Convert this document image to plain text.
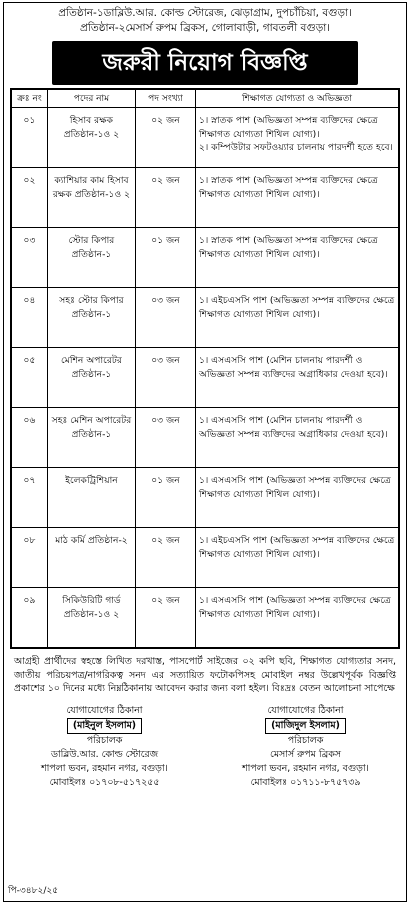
প্রতিষ্ঠান-১ডাব্লিউ.আর. কোল্ড স্টোরেজ, ঝেড়াগ্রাম, দুপচাঁচিয়া, বগুড়া।
প্রতিষ্ঠান-২মেসার্স রুপম ব্রিকস, গোলাবাড়ী, গাবতলী বগুড়া।
জরুরী নিয়োগ বিজ্ঞপ্তি
ক্রঃ নং	পদের নাম	পদ সংখ্যা	শিক্ষাগত যোগ্যতা ও অভিজ্ঞতা
০১	হিসাব রক্ষক প্রতিষ্ঠান-১ও ২	০২ জন	১। স্নাতক পাশ (অভিজ্ঞতা সম্পন্ন ব্যক্তিদের ক্ষেত্রে শিক্ষাগত যোগ্যতা শিথিল যোগ্য)।

২। কম্পিউটার সফটওয়্যার চালনায় পারদর্শী হতে হবে।

০২	ক্যাশিয়ার কাম হিসাব রক্ষক প্রতিষ্ঠান-১ও ২	০২ জন	১। স্নাতক পাশ (অভিজ্ঞতা সম্পন্ন ব্যক্তিদের ক্ষেত্রে শিক্ষাগত যোগ্যতা শিথিল যোগ্য)।

০৩	স্টোর কিপার প্রতিষ্ঠান-১	০১ জন	১। স্নাতক পাশ (অভিজ্ঞতা সম্পন্ন ব্যক্তিদের ক্ষেত্রে শিক্ষাগত যোগ্যতা শিথিল যোগ্য)।

০৪	সহঃ স্টোর কিপার প্রতিষ্ঠান-১	০৩ জন	১। এইচএসসি পাশ (অভিজ্ঞতা সম্পন্ন ব্যক্তিদের ক্ষেত্রে শিক্ষাগত যোগ্যতা শিথিল যোগ্য)।

০৫	মেশিন অপারেটর প্রতিষ্ঠান-১	০৩ জন	১। এসএসসি পাশ (মেশিন চালনায় পারদর্শী ও অভিজ্ঞতা সম্পন্ন ব্যক্তিদের অগ্রাধিকার দেওয়া হবে)।

০৬	সহঃ মেশিন অপারেটর প্রতিষ্ঠান-১	০৩ জন	১। এসএসসি পাশ (মেশিন চালনায় পারদর্শী ও অভিজ্ঞতা সম্পন্ন ব্যক্তিদের অগ্রাধিকার দেওয়া হবে)।

০৭	ইলেকট্রিশিয়ান	০১ জন	১। এসএসসি পাশ (অভিজ্ঞতা সম্পন্ন ব্যক্তিদের ক্ষেত্রে শিক্ষাগত যোগ্যতা শিথিল যোগ্য)।

০৮	মাঠ কর্মি প্রতিষ্ঠান-২	০২ জন	১। এইচএসসি পাশ (অভিজ্ঞতা সম্পন্ন ব্যক্তিদের ক্ষেত্রে শিক্ষাগত যোগ্যতা শিথিল যোগ্য)।

০৯	সিকিউরিটি গার্ড প্রতিষ্ঠান-১ও ২	০২ জন	১। এসএসসি পাশ (অভিজ্ঞতা সম্পন্ন ব্যক্তিদের ক্ষেত্রে শিক্ষাগত যোগ্যতা শিথিল যোগ্য)।

আগ্রহী প্রার্থীদের স্বহস্তে লিখিত দরখাস্ত, পাসপোর্ট সাইজের ০২ কপি ছবি, শিক্ষাগত যোগ্যতার সনদ, জাতীয় পরিচয়পত্র/নাগরিকত্ব সনদ এর সত্যায়িত ফটোকপিসহ মোবাইল নম্বর উল্লেখপূর্বক বিজ্ঞপ্তি প্রকাশের ১০ দিনের মধ্যে নিম্নঠিকানায় আবেদন করার জন্য বলা হইল। বিঃদ্রঃ বেতন আলোচনা সাপেক্ষে
যোগাযোগের ঠিকানা
(মাইনুল ইসলাম)
পরিচালক
ডাব্লিউ.আর. কোল্ড স্টোরেজ
শাপলা ভবন, রহমান নগর, বগুড়া।
মোবাইলঃ ০১৭০৮-৫১৭২৫৫
যোগাযোগের ঠিকানা
(মাজিদুল ইসলাম)
পরিচালক
মেসার্স রুপম ব্রিকস
শাপলা ভবন, রহমান নগর, বগুড়া।
মোবাইলঃ ০১৭১১-৮৭৫৭৩৯
পি-৩৪৮২/২৫
